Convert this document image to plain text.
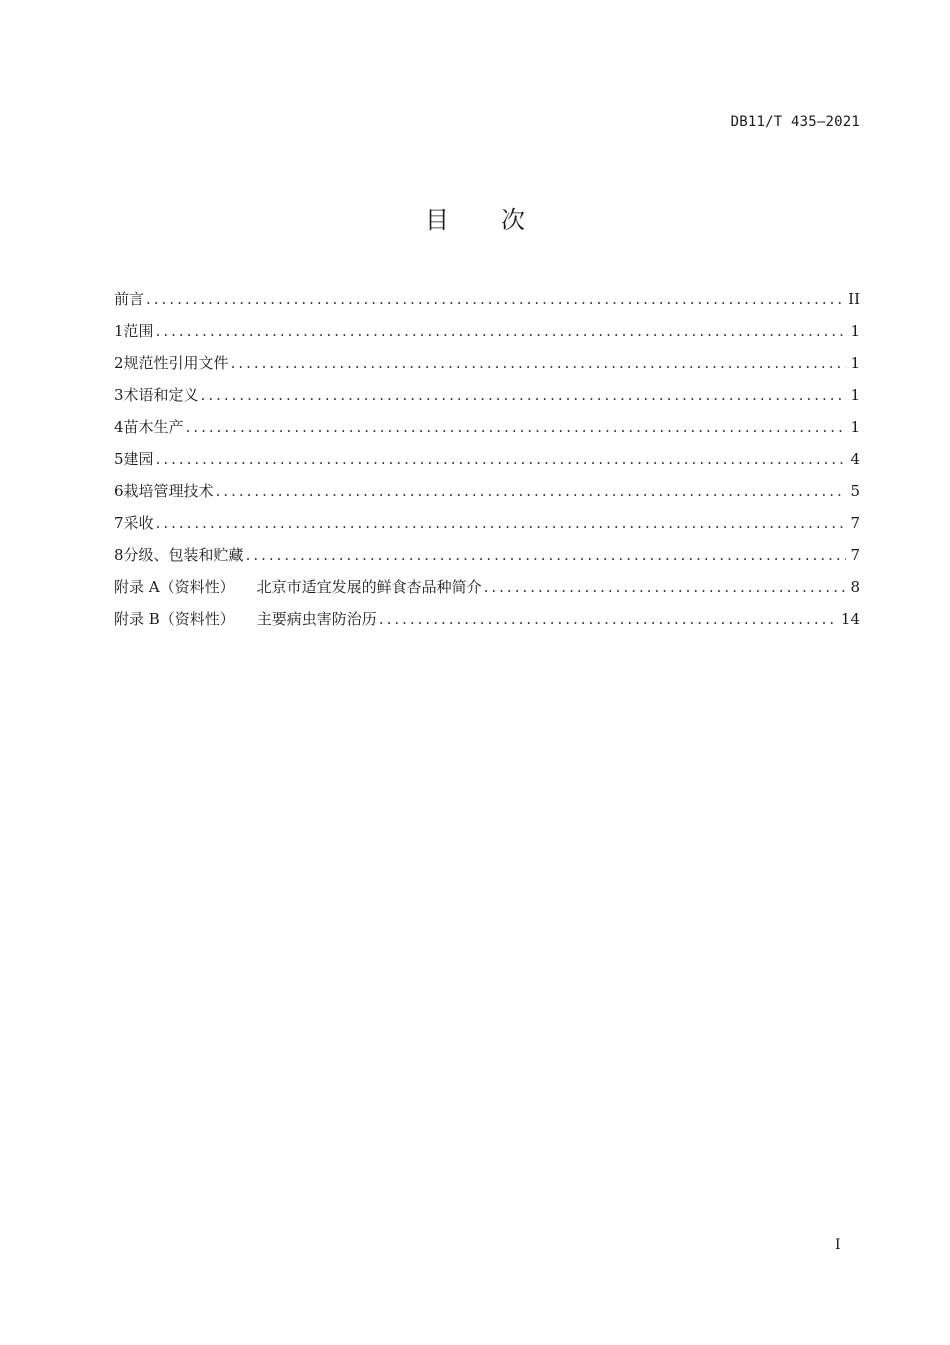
DB11/T 435—2021
目 次
前言 .....	II
1 范围 .....	1
2 规范性引用文件 .....	1
3 术语和定义 .....	1
4 苗木生产 .....	1
5 建园 .....	4
6 栽培管理技术 .....	5
7 采收 .....	7
8 分级、包装和贮藏 .....	7
附录 A（资料性） 北京市适宜发展的鲜食杏品种简介 .....	8
附录 B（资料性） 主要病虫害防治历 .....	14
I
